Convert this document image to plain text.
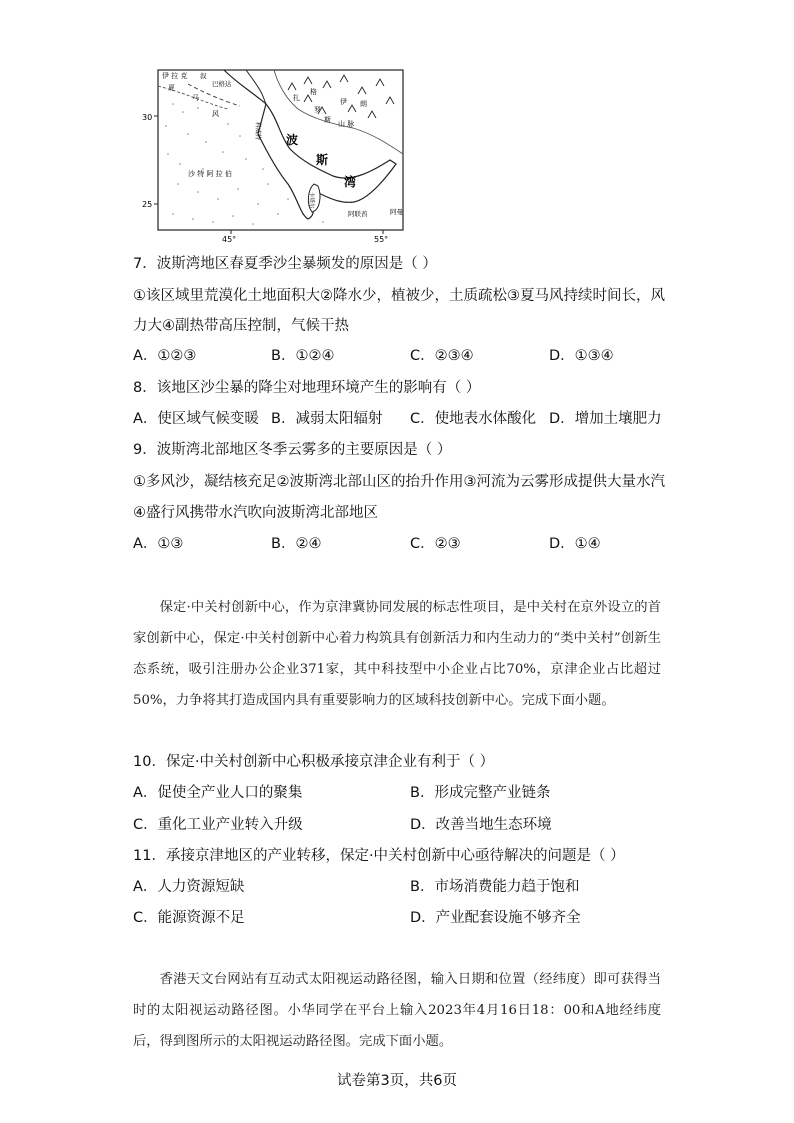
伊 拉 克 叙
巴格达
夏
马
风
科威特 波
斯
湾
扎
格
罗
斯
伊 朗
山 脉
沙 特 阿 拉 伯
卡塔尔
阿联酋	阿曼
30
25
45°	55°
7．波斯湾地区春夏季沙尘暴频发的原因是（ ）
①该区域里荒漠化土地面积大②降水少，植被少，土质疏松③夏马风持续时间长，风
力大④副热带高压控制，气候干热
A．①②③	B．①②④	C．②③④	D．①③④
8．该地区沙尘暴的降尘对地理环境产生的影响有（ ）
A．使区域气候变暖 B．减弱太阳辐射 C．使地表水体酸化 D．增加土壤肥力
9．波斯湾北部地区冬季云雾多的主要原因是（ ）
①多风沙，凝结核充足②波斯湾北部山区的抬升作用③河流为云雾形成提供大量水汽
④盛行风携带水汽吹向波斯湾北部地区
A．①③	B．②④	C．②③	D．①④
保定·中关村创新中心，作为京津冀协同发展的标志性项目，是中关村在京外设立的首家创新中心，保定·中关村创新中心着力构筑具有创新活力和内生动力的“类中关村”创新生态系统，吸引注册办公企业371家，其中科技型中小企业占比70%，京津企业占比超过50%，力争将其打造成国内具有重要影响力的区域科技创新中心。完成下面小题。
10．保定·中关村创新中心积极承接京津企业有利于（ ）
A．促使全产业人口的聚集	B．形成完整产业链条
C．重化工业产业转入升级	D．改善当地生态环境
11．承接京津地区的产业转移，保定·中关村创新中心亟待解决的问题是（ ）
A．人力资源短缺	B．市场消费能力趋于饱和
C．能源资源不足	D．产业配套设施不够齐全
香港天文台网站有互动式太阳视运动路径图，输入日期和位置（经纬度）即可获得当时的太阳视运动路径图。小华同学在平台上输入2023年4月16日18：00和A地经纬度后，得到图所示的太阳视运动路径图。完成下面小题。
试卷第3页，共6页
